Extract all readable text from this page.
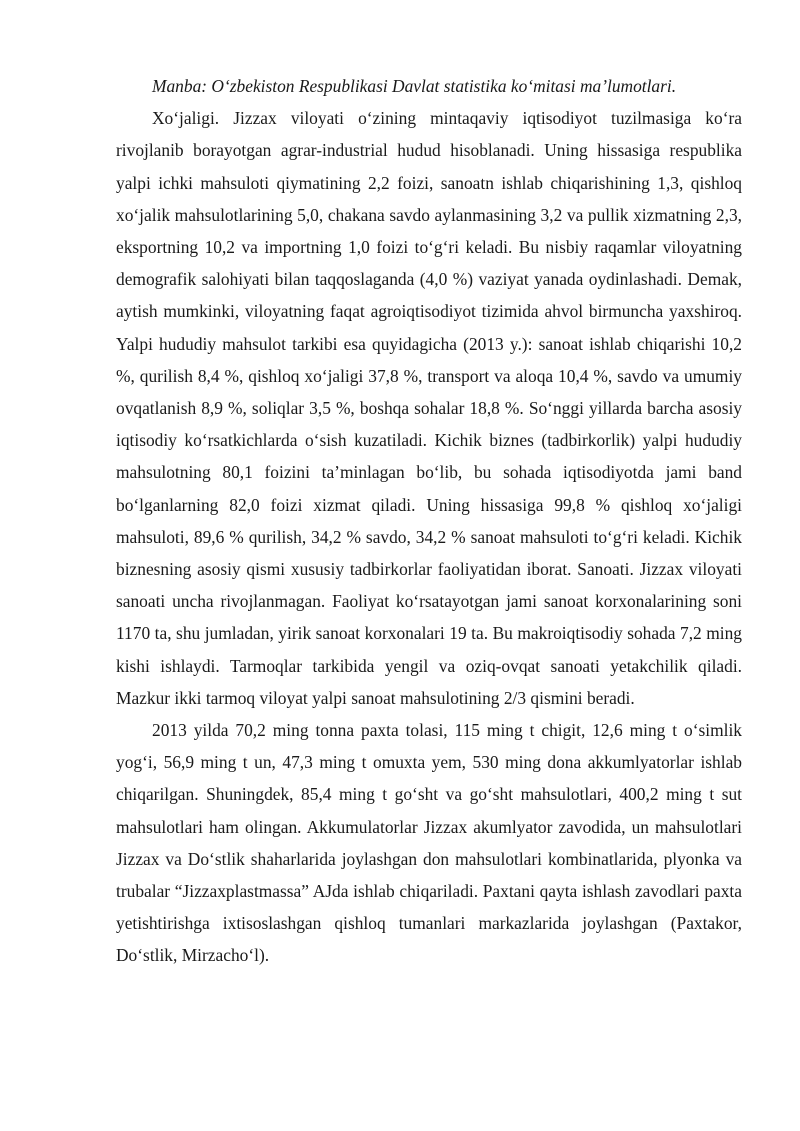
Manba: O‘zbekiston Respublikasi Davlat statistika ko‘mitasi ma’lumotlari.

Xo‘jaligi. Jizzax viloyati o‘zining mintaqaviy iqtisodiyot tuzilmasiga ko‘ra rivojlanib borayotgan agrar-industrial hudud hisoblanadi. Uning hissasiga respublika yalpi ichki mahsuloti qiymatining 2,2 foizi, sanoatn ishlab chiqarishining 1,3, qishloq xo‘jalik mahsulotlarining 5,0, chakana savdo aylanmasining 3,2 va pullik xizmatning 2,3, eksportning 10,2 va importning 1,0 foizi to‘g‘ri keladi. Bu nisbiy raqamlar viloyatning demografik salohiyati bilan taqqoslaganda (4,0 %) vaziyat yanada oydinlashadi. Demak, aytish mumkinki, viloyatning faqat agroiqtisodiyot tizimida ahvol birmuncha yaxshiroq. Yalpi hududiy mahsulot tarkibi esa quyidagicha (2013 y.): sanoat ishlab chiqarishi 10,2 %, qurilish 8,4 %, qishloq xo‘jaligi 37,8 %, transport va aloqa 10,4 %, savdo va umumiy ovqatlanish 8,9 %, soliqlar 3,5 %, boshqa sohalar 18,8 %. So‘nggi yillarda barcha asosiy iqtisodiy ko‘rsatkichlarda o‘sish kuzatiladi. Kichik biznes (tadbirkorlik) yalpi hududiy mahsulotning 80,1 foizini ta’minlagan bo‘lib, bu sohada iqtisodiyotda jami band bo‘lganlarning 82,0 foizi xizmat qiladi. Uning hissasiga 99,8 % qishloq xo‘jaligi mahsuloti, 89,6 % qurilish, 34,2 % savdo, 34,2 % sanoat mahsuloti to‘g‘ri keladi. Kichik biznesning asosiy qismi xususiy tadbirkorlar faoliyatidan iborat. Sanoati. Jizzax viloyati sanoati uncha rivojlanmagan. Faoliyat ko‘rsatayotgan jami sanoat korxonalarining soni 1170 ta, shu jumladan, yirik sanoat korxonalari 19 ta. Bu makroiqtisodiy sohada 7,2 ming kishi ishlaydi. Tarmoqlar tarkibida yengil va oziq-ovqat sanoati yetakchilik qiladi. Mazkur ikki tarmoq viloyat yalpi sanoat mahsulotining 2/3 qismini beradi.

2013 yilda 70,2 ming tonna paxta tolasi, 115 ming t chigit, 12,6 ming t o‘simlik yog‘i, 56,9 ming t un, 47,3 ming t omuxta yem, 530 ming dona akkumlyatorlar ishlab chiqarilgan. Shuningdek, 85,4 ming t go‘sht va go‘sht mahsulotlari, 400,2 ming t sut mahsulotlari ham olingan. Akkumulatorlar Jizzax akumlyator zavodida, un mahsulotlari Jizzax va Do‘stlik shaharlarida joylashgan don mahsulotlari kombinatlarida, plyonka va trubalar “Jizzaxplastmassa” AJda ishlab chiqariladi. Paxtani qayta ishlash zavodlari paxta yetishtirishga ixtisoslashgan qishloq tumanlari markazlarida joylashgan (Paxtakor, Do‘stlik, Mirzacho‘l).
